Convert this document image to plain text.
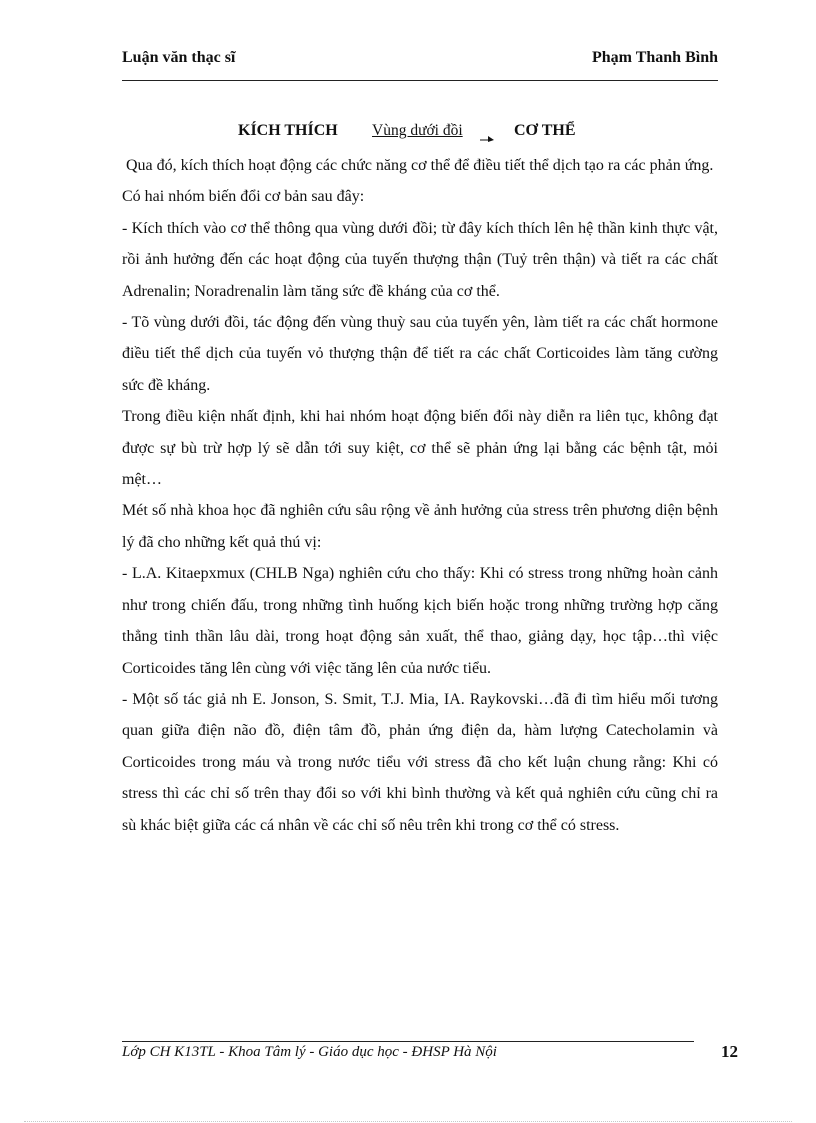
Luận văn thạc sĩ	Phạm Thanh Bình
KÍCH THÍCH Vùng dưới đồi	CƠ THỂ

Qua đó, kích thích hoạt động các chức năng cơ thể để điều tiết thể dịch tạo ra các phản ứng.

Có hai nhóm biến đổi cơ bản sau đây:

- Kích thích vào cơ thể thông qua vùng dưới đồi; từ đây kích thích lên hệ thần kinh thực vật, rồi ảnh hưởng đến các hoạt động của tuyến thượng thận (Tuỷ trên thận) và tiết ra các chất Adrenalin; Noradrenalin làm tăng sức đề kháng của cơ thể.

- Tõ vùng dưới đồi, tác động đến vùng thuỳ sau của tuyến yên, làm tiết ra các chất hormone điều tiết thể dịch của tuyến vỏ thượng thận để tiết ra các chất Corticoides làm tăng cường sức đề kháng.

Trong điều kiện nhất định, khi hai nhóm hoạt động biến đổi này diễn ra liên tục, không đạt được sự bù trừ hợp lý sẽ dẫn tới suy kiệt, cơ thể sẽ phản ứng lại bằng các bệnh tật, mỏi mệt…

Mét số nhà khoa học đã nghiên cứu sâu rộng về ảnh hưởng của stress trên phương diện bệnh lý đã cho những kết quả thú vị:

- L.A. Kitaepxmux (CHLB Nga) nghiên cứu cho thấy: Khi có stress trong những hoàn cảnh như trong chiến đấu, trong những tình huống kịch biến hoặc trong những trường hợp căng thẳng tinh thần lâu dài, trong hoạt động sản xuất, thể thao, giảng dạy, học tập…thì việc Corticoides tăng lên cùng với việc tăng lên của nước tiểu.

- Một số tác giả nh E. Jonson, S. Smit, T.J. Mia, IA. Raykovski…đã đi tìm hiểu mối tương quan giữa điện não đồ, điện tâm đồ, phản ứng điện da, hàm lượng Catecholamin và Corticoides trong máu và trong nước tiểu với stress đã cho kết luận chung rằng: Khi có stress thì các chỉ số trên thay đổi so với khi bình thường và kết quả nghiên cứu cũng chỉ ra sù khác biệt giữa các cá nhân về các chỉ số nêu trên khi trong cơ thể có stress.

Lớp CH K13TL - Khoa Tâm lý - Giáo dục học - ĐHSP Hà Nội	12
